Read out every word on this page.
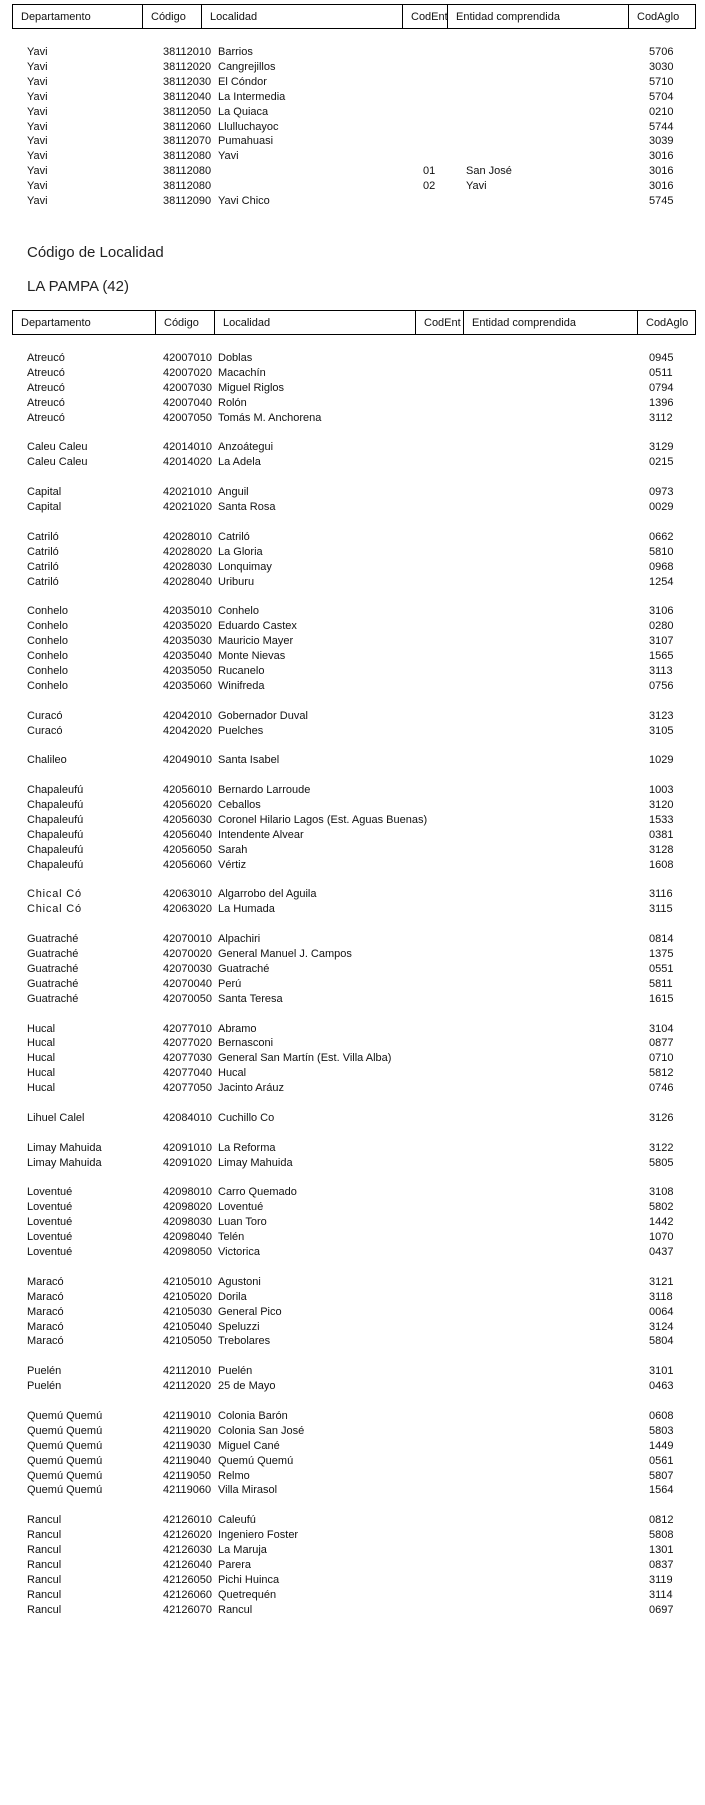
Departamento	Código	Localidad	CodEnt Entidad comprendida	CodAglo
Yavi	38112010 Barrios	5706
Yavi	38112020 Cangrejillos	3030
Yavi	38112030 El Cóndor	5710
Yavi	38112040 La Intermedia	5704
Yavi	38112050 La Quiaca	0210
Yavi	38112060 Llulluchayoc	5744
Yavi	38112070 Pumahuasi	3039
Yavi	38112080 Yavi	3016
Yavi	38112080	01	San José	3016
Yavi	38112080	02	Yavi	3016
Yavi	38112090 Yavi Chico	5745
Código de Localidad
LA PAMPA (42)
Departamento	Código	Localidad	CodEnt	Entidad comprendida	CodAglo
Atreucó	42007010 Doblas	0945
Atreucó	42007020 Macachín	0511
Atreucó	42007030 Miguel Riglos	0794
Atreucó	42007040 Rolón	1396
Atreucó	42007050 Tomás M. Anchorena	3112
Caleu Caleu	42014010 Anzoátegui	3129
Caleu Caleu	42014020 La Adela	0215
Capital	42021010 Anguil	0973
Capital	42021020 Santa Rosa	0029
Catriló	42028010 Catriló	0662
Catriló	42028020 La Gloria	5810
Catriló	42028030 Lonquimay	0968
Catriló	42028040 Uriburu	1254
Conhelo	42035010 Conhelo	3106
Conhelo	42035020 Eduardo Castex	0280
Conhelo	42035030 Mauricio Mayer	3107
Conhelo	42035040 Monte Nievas	1565
Conhelo	42035050 Rucanelo	3113
Conhelo	42035060 Winifreda	0756
Curacó	42042010 Gobernador Duval	3123
Curacó	42042020 Puelches	3105
Chalileo	42049010 Santa Isabel	1029
Chapaleufú	42056010 Bernardo Larroude	1003
Chapaleufú	42056020 Ceballos	3120
Chapaleufú	42056030 Coronel Hilario Lagos (Est. Aguas Buenas)	1533
Chapaleufú	42056040 Intendente Alvear	0381
Chapaleufú	42056050 Sarah	3128
Chapaleufú	42056060 Vértiz	1608
Chical Có	42063010 Algarrobo del Aguila	3116
Chical Có	42063020 La Humada	3115
Guatraché	42070010 Alpachiri	0814
Guatraché	42070020 General Manuel J. Campos	1375
Guatraché	42070030 Guatraché	0551
Guatraché	42070040 Perú	5811
Guatraché	42070050 Santa Teresa	1615
Hucal	42077010 Abramo	3104
Hucal	42077020 Bernasconi	0877
Hucal	42077030 General San Martín (Est. Villa Alba)	0710
Hucal	42077040 Hucal	5812
Hucal	42077050 Jacinto Aráuz	0746
Lihuel Calel	42084010 Cuchillo Co	3126
Limay Mahuida	42091010 La Reforma	3122
Limay Mahuida	42091020 Limay Mahuida	5805
Loventué	42098010 Carro Quemado	3108
Loventué	42098020 Loventué	5802
Loventué	42098030 Luan Toro	1442
Loventué	42098040 Telén	1070
Loventué	42098050 Victorica	0437
Maracó	42105010 Agustoni	3121
Maracó	42105020 Dorila	3118
Maracó	42105030 General Pico	0064
Maracó	42105040 Speluzzi	3124
Maracó	42105050 Trebolares	5804
Puelén	42112010 Puelén	3101
Puelén	42112020 25 de Mayo	0463
Quemú Quemú	42119010 Colonia Barón	0608
Quemú Quemú	42119020 Colonia San José	5803
Quemú Quemú	42119030 Miguel Cané	1449
Quemú Quemú	42119040 Quemú Quemú	0561
Quemú Quemú	42119050 Relmo	5807
Quemú Quemú	42119060 Villa Mirasol	1564
Rancul	42126010 Caleufú	0812
Rancul	42126020 Ingeniero Foster	5808
Rancul	42126030 La Maruja	1301
Rancul	42126040 Parera	0837
Rancul	42126050 Pichi Huinca	3119
Rancul	42126060 Quetrequén	3114
Rancul	42126070 Rancul	0697
